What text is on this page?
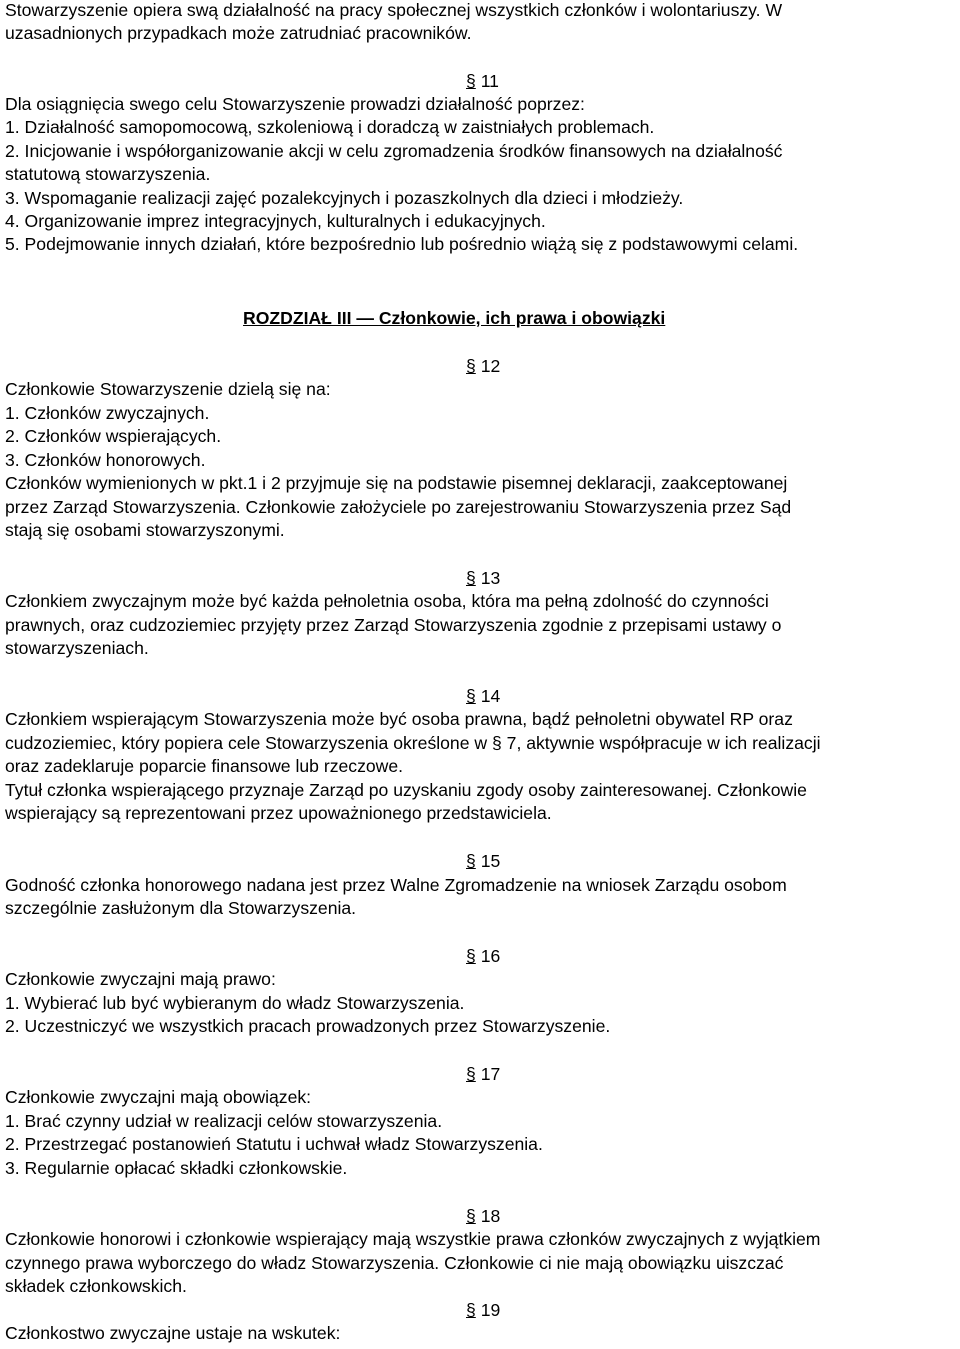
Stowarzyszenie opiera swą działalność na pracy społecznej wszystkich członków i wolontariuszy. W
uzasadnionych przypadkach może zatrudniać pracowników.
§ 11
Dla osiągnięcia swego celu Stowarzyszenie prowadzi działalność poprzez:
1. Działalność samopomocową, szkoleniową i doradczą w zaistniałych problemach.
2. Inicjowanie i współorganizowanie akcji w celu zgromadzenia środków finansowych na działalność
statutową stowarzyszenia.
3. Wspomaganie realizacji zajęć pozalekcyjnych i pozaszkolnych dla dzieci i młodzieży.
4. Organizowanie imprez integracyjnych, kulturalnych i edukacyjnych.
5. Podejmowanie innych działań, które bezpośrednio lub pośrednio wiążą się z podstawowymi celami.
ROZDZIAŁ III — Członkowie, ich prawa i obowiązki
§ 12
Członkowie Stowarzyszenie dzielą się na:
1. Członków zwyczajnych.
2. Członków wspierających.
3. Członków honorowych.
Członków wymienionych w pkt.1 i 2 przyjmuje się na podstawie pisemnej deklaracji, zaakceptowanej
przez Zarząd Stowarzyszenia. Członkowie założyciele po zarejestrowaniu Stowarzyszenia przez Sąd
stają się osobami stowarzyszonymi.
§ 13
Członkiem zwyczajnym może być każda pełnoletnia osoba, która ma pełną zdolność do czynności
prawnych, oraz cudzoziemiec przyjęty przez Zarząd Stowarzyszenia zgodnie z przepisami ustawy o
stowarzyszeniach.
§ 14
Członkiem wspierającym Stowarzyszenia może być osoba prawna, bądź pełnoletni obywatel RP oraz
cudzoziemiec, który popiera cele Stowarzyszenia określone w § 7, aktywnie współpracuje w ich realizacji
oraz zadeklaruje poparcie finansowe lub rzeczowe.
Tytuł członka wspierającego przyznaje Zarząd po uzyskaniu zgody osoby zainteresowanej. Członkowie
wspierający są reprezentowani przez upoważnionego przedstawiciela.
§ 15
Godność członka honorowego nadana jest przez Walne Zgromadzenie na wniosek Zarządu osobom
szczególnie zasłużonym dla Stowarzyszenia.
§ 16
Członkowie zwyczajni mają prawo:
1. Wybierać lub być wybieranym do władz Stowarzyszenia.
2. Uczestniczyć we wszystkich pracach prowadzonych przez Stowarzyszenie.
§ 17
Członkowie zwyczajni mają obowiązek:
1. Brać czynny udział w realizacji celów stowarzyszenia.
2. Przestrzegać postanowień Statutu i uchwał władz Stowarzyszenia.
3. Regularnie opłacać składki członkowskie.
§ 18
Członkowie honorowi i członkowie wspierający mają wszystkie prawa członków zwyczajnych z wyjątkiem
czynnego prawa wyborczego do władz Stowarzyszenia. Członkowie ci nie mają obowiązku uiszczać
składek członkowskich.
§ 19
Członkostwo zwyczajne ustaje na wskutek:
